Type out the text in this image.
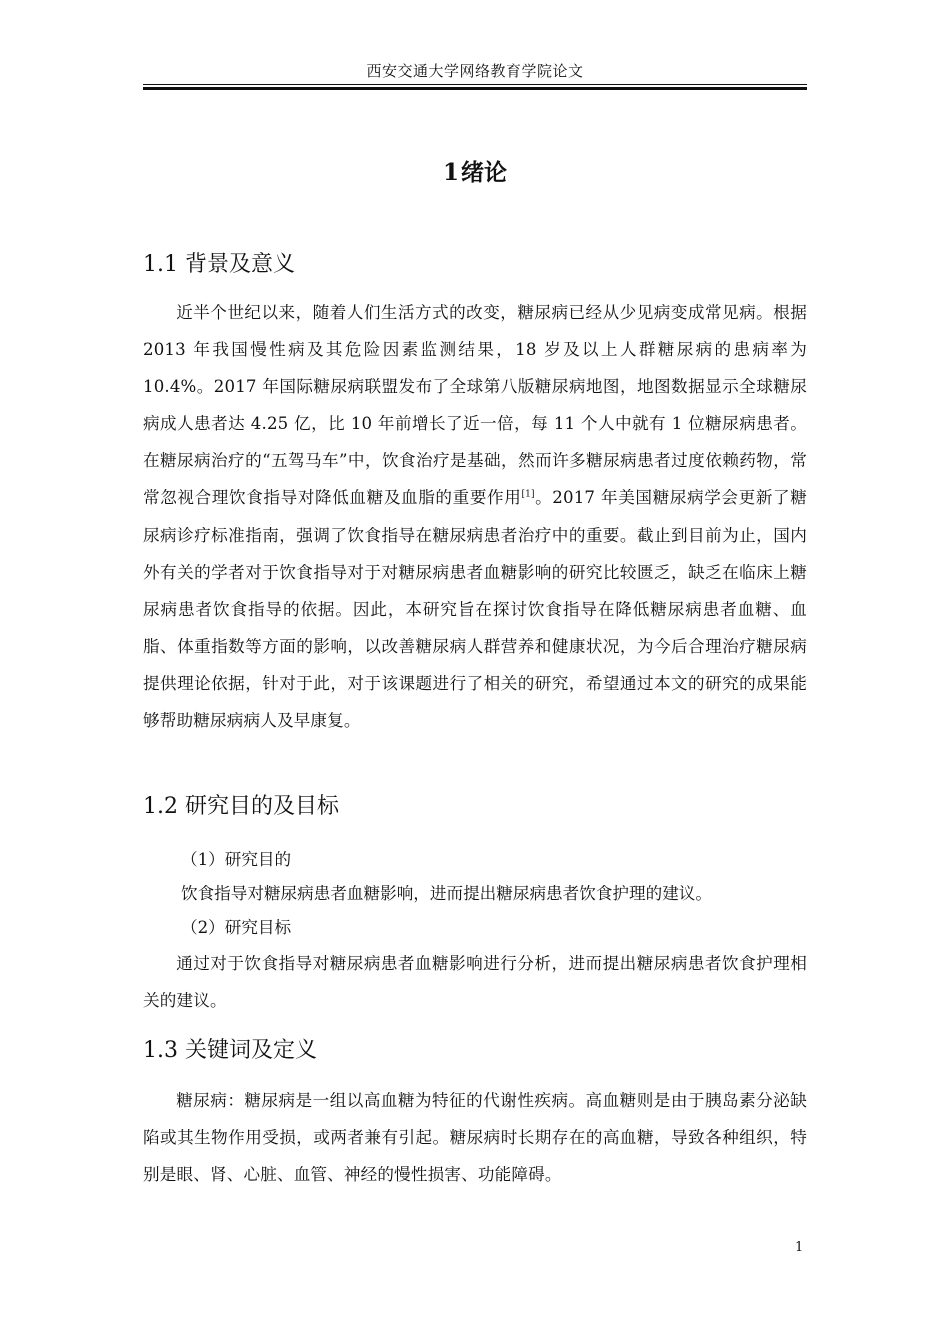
西安交通大学网络教育学院论文
1绪论
1.1 背景及意义

近半个世纪以来，随着人们生活方式的改变，糖尿病已经从少见病变成常见病。根据 2013 年我国慢性病及其危险因素监测结果，18 岁及以上人群糖尿病的患病率为 10.4%。2017 年国际糖尿病联盟发布了全球第八版糖尿病地图，地图数据显示全球糖尿病成人患者达 4.25 亿，比 10 年前增长了近一倍，每 11 个人中就有 1 位糖尿病患者。在糖尿病治疗的“五驾马车”中，饮食治疗是基础，然而许多糖尿病患者过度依赖药物，常常忽视合理饮食指导对降低血糖及血脂的重要作用[1]。2017 年美国糖尿病学会更新了糖尿病诊疗标准指南，强调了饮食指导在糖尿病患者治疗中的重要。截止到目前为止，国内外有关的学者对于饮食指导对于对糖尿病患者血糖影响的研究比较匮乏，缺乏在临床上糖尿病患者饮食指导的依据。因此，本研究旨在探讨饮食指导在降低糖尿病患者血糖、血脂、体重指数等方面的影响，以改善糖尿病人群营养和健康状况，为今后合理治疗糖尿病提供理论依据，针对于此，对于该课题进行了相关的研究，希望通过本文的研究的成果能够帮助糖尿病病人及早康复。

1.2 研究目的及目标
（1）研究目的
饮食指导对糖尿病患者血糖影响，进而提出糖尿病患者饮食护理的建议。
（2）研究目标

通过对于饮食指导对糖尿病患者血糖影响进行分析，进而提出糖尿病患者饮食护理相关的建议。

1.3 关键词及定义

糖尿病：糖尿病是一组以高血糖为特征的代谢性疾病。高血糖则是由于胰岛素分泌缺陷或其生物作用受损，或两者兼有引起。糖尿病时长期存在的高血糖，导致各种组织，特别是眼、肾、心脏、血管、神经的慢性损害、功能障碍。

1
